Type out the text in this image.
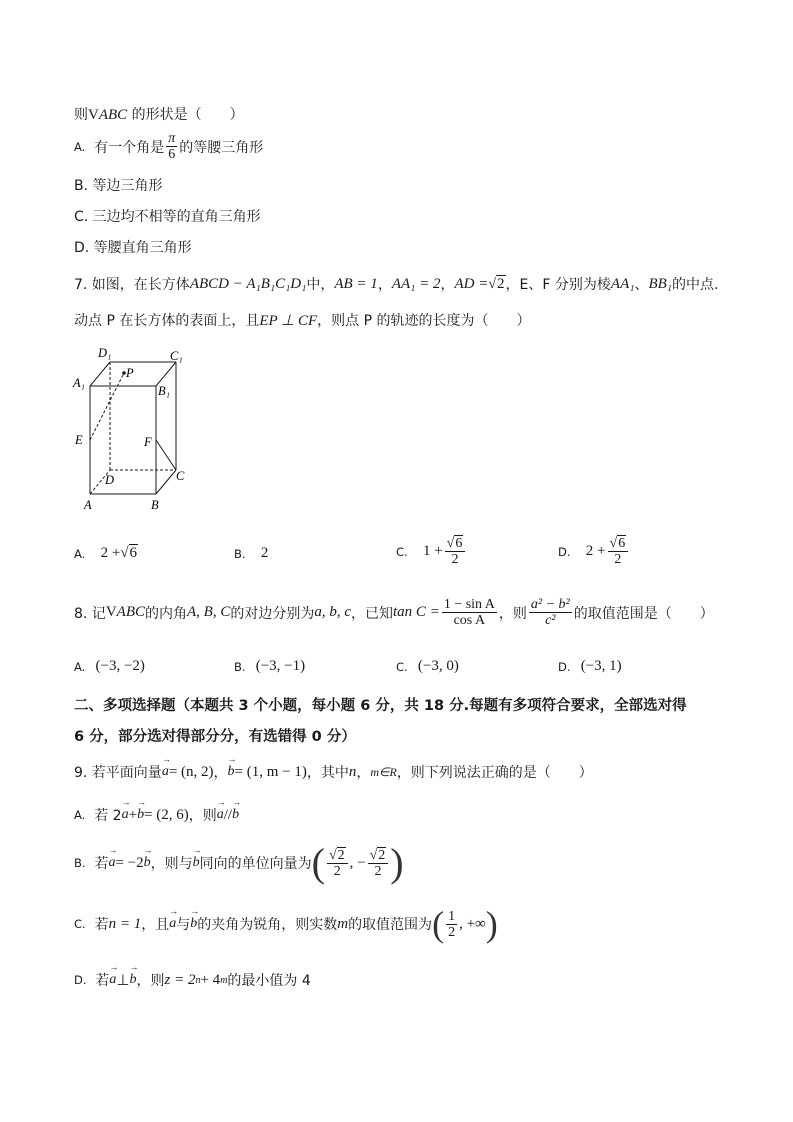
则VABC 的形状是（　　）
A.
有一个角是 $\frac{\pi}{6}$ 的等腰三角形
B. 等边三角形
C. 三边均不相等的直角三角形
D. 等腰直角三角形
7. 如图，在长方体 ABCD − A₁B₁C₁D₁ 中， AB = 1 ， AA₁ = 2 ， AD = √2 ，E、F 分别为棱 AA₁ 、 BB₁ 的中点.
动点 P 在长方体的表面上，且 EP ⊥ CF ，则点 P 的轨迹的长度为（　　）
D₁	C₁
A₁
B₁
P
E	F
D	C
A	B
A.
2 + √6	B.
2	C.
$1 + \frac{√6}{2}$	D.
$2 + \frac{√6}{2}$
8. 记 V ABC 的内角 A, B, C 的对边分别为 a, b, c ，已知 $\tan C = \frac{\text{1 − sin A}}{\text{cos A}}$ ，则 $\frac{\text{a² − b²}}{\text{c²}}$ 的取值范围是（　　）
A.
(−3, −2)	B.
(−3, −1)	C.
(−3, 0)	D.
(−3, 1)
二、多项选择题（本题共 3 个小题，每小题 6 分，共 18 分.每题有多项符合要求，全部选对得
6 分，部分选对得部分分，有选错得 0 分）
9. 若平面向量 → a = (n, 2) ， → b = (1, m − 1) ，其中 n ， m∈R ，则下列说法正确的是（　　）
A.
若 2 → a + → b = (2, 6) ，则 → a // → b
B.
若 → a = −2 → b ，则与 → b 同向的单位向量为 ( $\frac{√2}{2}$ , − $\frac{√2}{2}$ )
C.
若 n = 1 ，且 → a 与 → b 的夹角为锐角，则实数 m 的取值范围为 ( $\frac{1}{2}$ , +∞ )
D.
若 → a ⊥ → b ，则 z = 2 n + 4 m 的最小值为 4
